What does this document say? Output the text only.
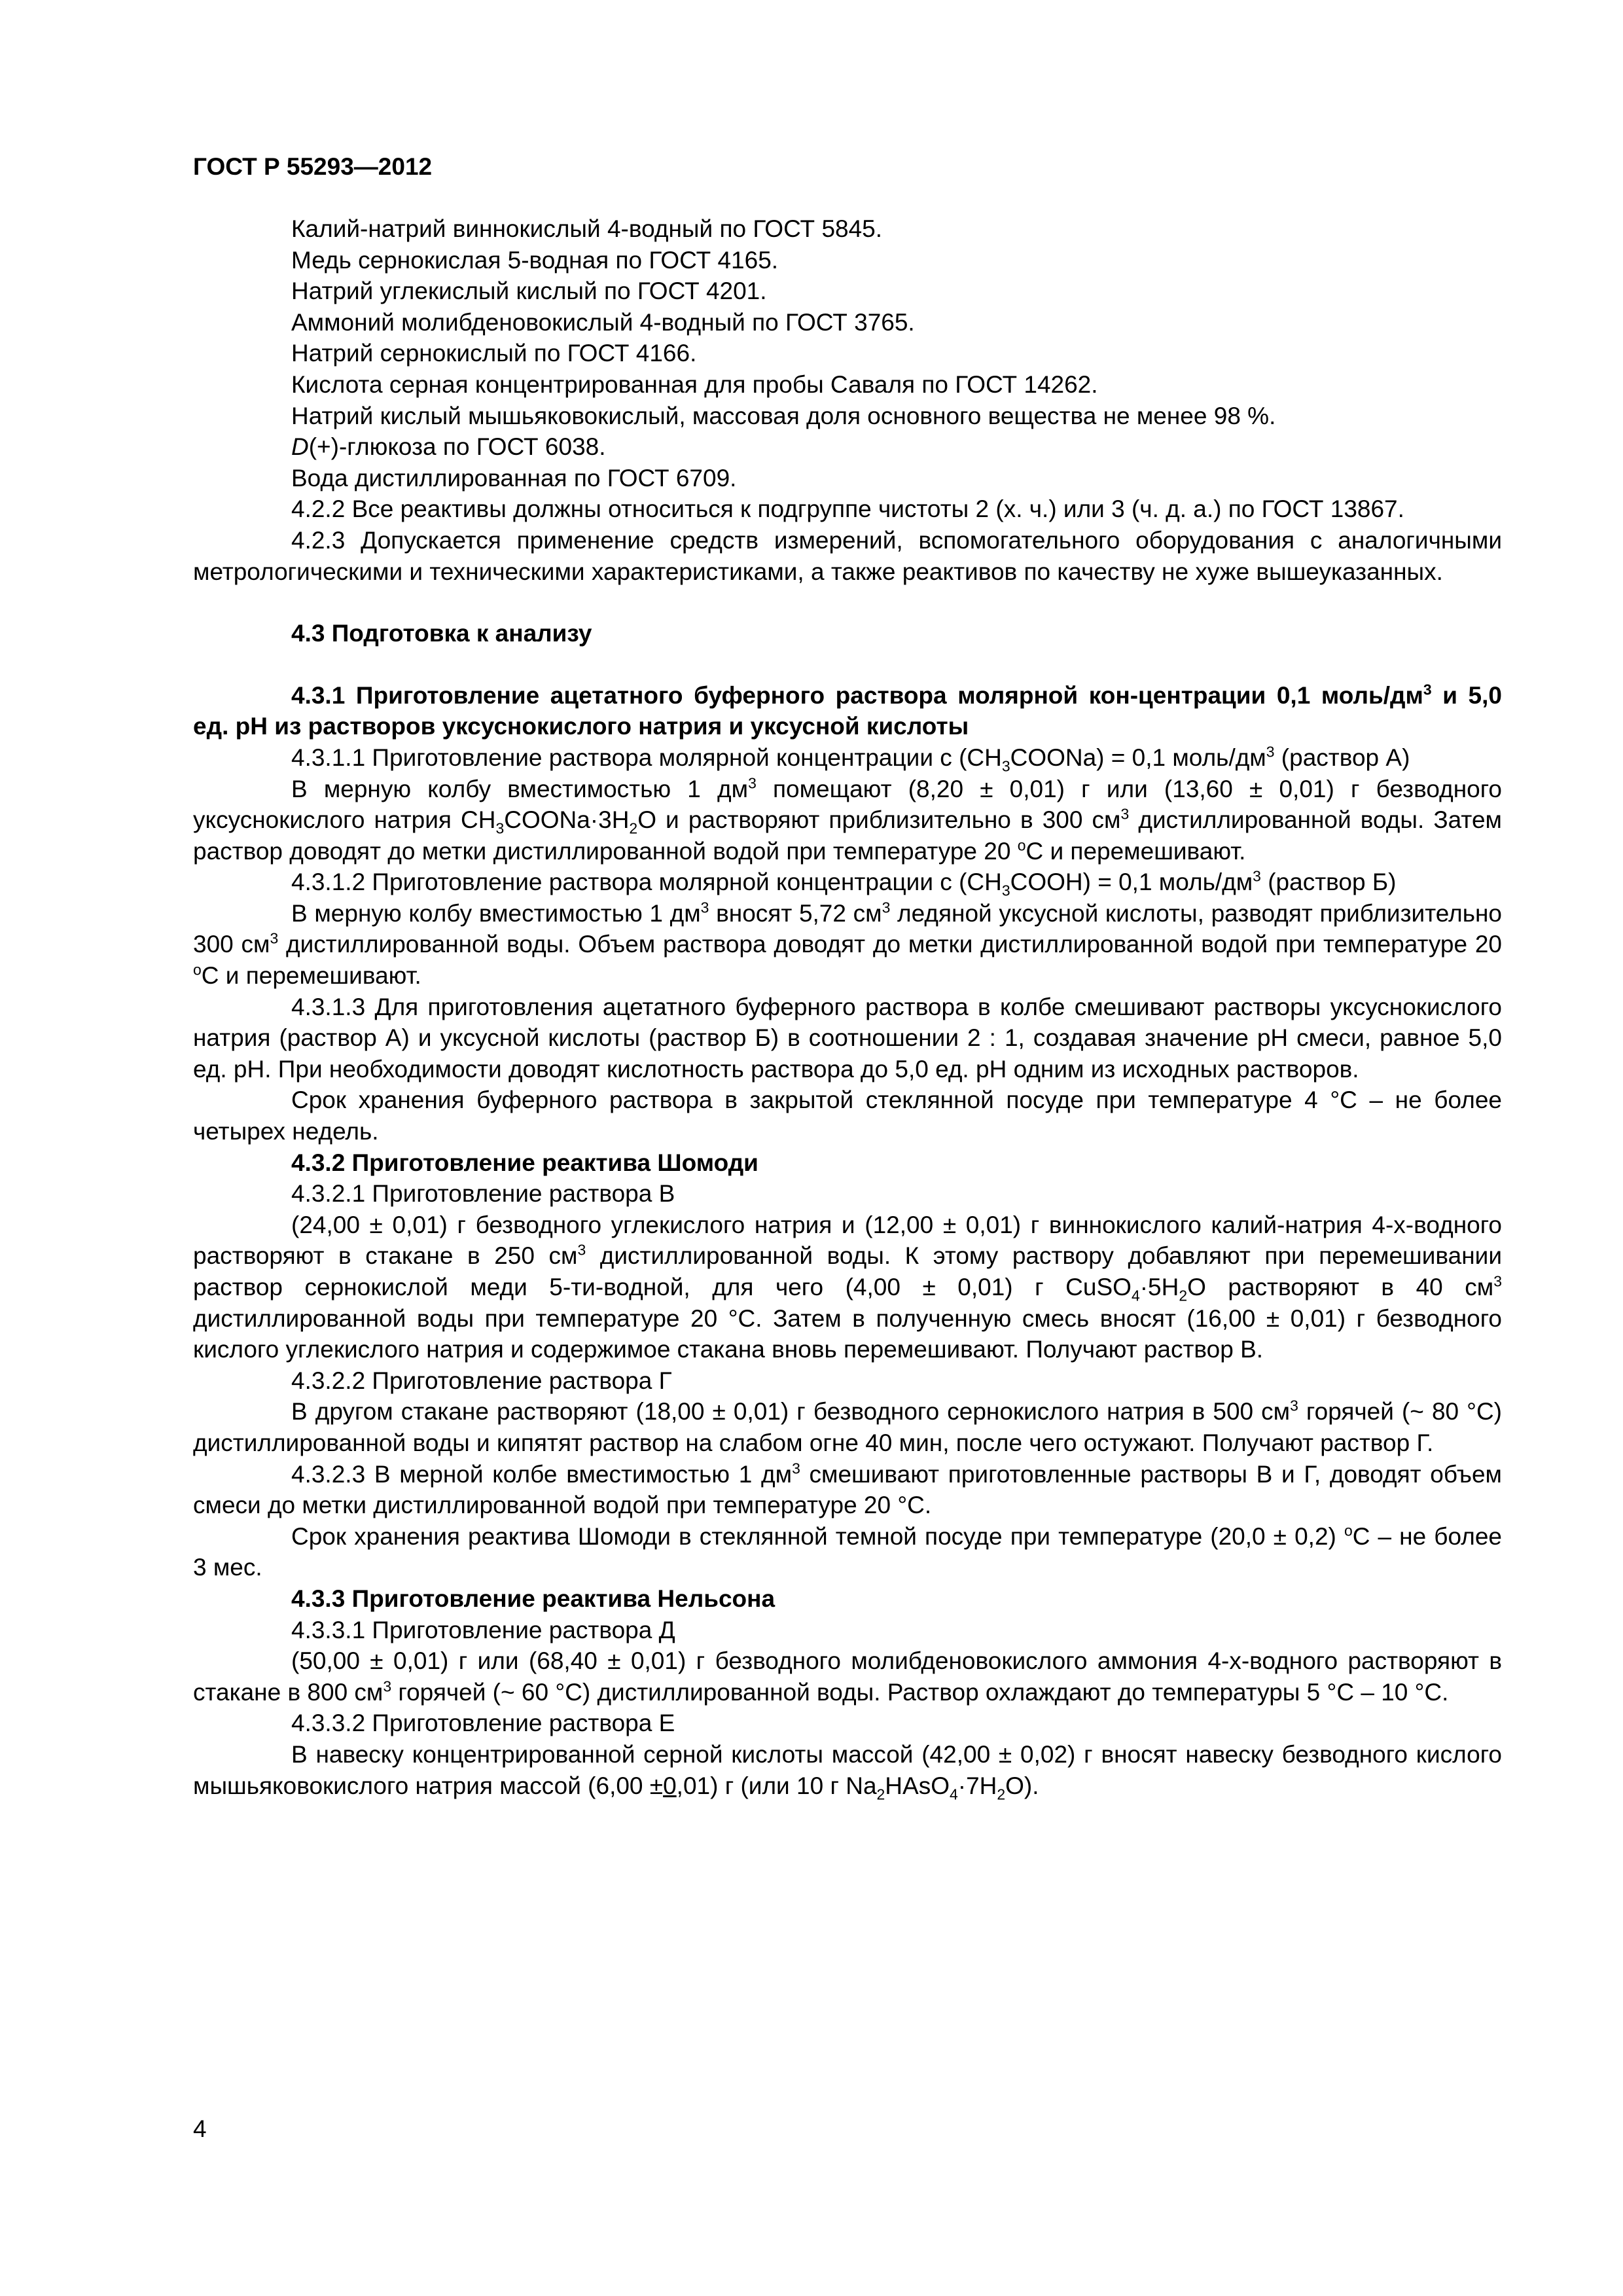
ГОСТ Р 55293—2012

Калий-натрий виннокислый 4-водный по ГОСТ 5845.

Медь сернокислая 5-водная по ГОСТ 4165.

Натрий углекислый кислый по ГОСТ 4201.

Аммоний молибденовокислый 4-водный по ГОСТ 3765.

Натрий сернокислый по ГОСТ 4166.

Кислота серная концентрированная для пробы Саваля по ГОСТ 14262.

Натрий кислый мышьяковокислый, массовая доля основного вещества не менее 98 %.

D(+)-глюкоза по ГОСТ 6038.

Вода дистиллированная по ГОСТ 6709.

4.2.2 Все реактивы должны относиться к подгруппе чистоты 2 (х. ч.) или 3 (ч. д. а.) по ГОСТ 13867.

4.2.3 Допускается применение средств измерений, вспомогательного оборудования с аналогичными метрологическими и техническими характеристиками, а также реактивов по качеству не хуже вышеуказанных.

4.3 Подготовка к анализу

4.3.1 Приготовление ацетатного буферного раствора молярной кон-центрации 0,1 моль/$дм^3$ и 5,0 ед. рН из растворов уксуснокислого натрия и уксусной кислоты

4.3.1.1 Приготовление раствора молярной концентрации с $(CH_3COONa) = 0,1$ моль/$дм^3$ (раствор А)

В мерную колбу вместимостью 1 $дм^3$ помещают (8,20 ± 0,01) г или (13,60 ± 0,01) г безводного уксуснокислого натрия $CH_3COONa\cdot 3H_2O$ и растворяют приблизительно в 300 $см^3$ дистиллированной воды. Затем раствор доводят до метки дистиллированной водой при температуре 20 $^о$С и перемешивают.

4.3.1.2 Приготовление раствора молярной концентрации с $(CH_3COOH) = 0,1$ моль/$дм^3$ (раствор Б)

В мерную колбу вместимостью 1 $дм^3$ вносят 5,72 $см^3$ ледяной уксусной кислоты, разводят приблизительно 300 $см^3$ дистиллированной воды. Объем раствора доводят до метки дистиллированной водой при температуре 20 $^о$С и перемешивают.

4.3.1.3 Для приготовления ацетатного буферного раствора в колбе смешивают растворы уксуснокислого натрия (раствор А) и уксусной кислоты (раствор Б) в соотношении 2 : 1, создавая значение рН смеси, равное 5,0 ед. рН. При необходимости доводят кислотность раствора до 5,0 ед. рН одним из исходных растворов.

Срок хранения буферного раствора в закрытой стеклянной посуде при температуре 4 °С – не более четырех недель.

4.3.2 Приготовление реактива Шомоди

4.3.2.1 Приготовление раствора В

(24,00 ± 0,01) г безводного углекислого натрия и (12,00 ± 0,01) г виннокислого калий-натрия 4-х-водного растворяют в стакане в 250 $см^3$ дистиллированной воды. К этому раствору добавляют при перемешивании раствор сернокислой меди 5-ти-водной, для чего (4,00 ± 0,01) г $CuSO_4\cdot 5H_2O$ растворяют в 40 $см^3$ дистиллированной воды при температуре 20 °С. Затем в полученную смесь вносят (16,00 ± 0,01) г безводного кислого углекислого натрия и содержимое стакана вновь перемешивают. Получают раствор В.

4.3.2.2 Приготовление раствора Г

В другом стакане растворяют (18,00 ± 0,01) г безводного сернокислого натрия в 500 $см^3$ горячей (~ 80 °С) дистиллированной воды и кипятят раствор на слабом огне 40 мин, после чего остужают. Получают раствор Г.

4.3.2.3 В мерной колбе вместимостью 1 $дм^3$ смешивают приготовленные растворы В и Г, доводят объем смеси до метки дистиллированной водой при температуре 20 °С.

Срок хранения реактива Шомоди в стеклянной темной посуде при температуре (20,0 ± 0,2) $^о$С – не более 3 мес.

4.3.3 Приготовление реактива Нельсона

4.3.3.1 Приготовление раствора Д

(50,00 ± 0,01) г или (68,40 ± 0,01) г безводного молибденовокислого аммония 4-х-водного растворяют в стакане в 800 $см^3$ горячей (~ 60 °С) дистиллированной воды. Раствор охлаждают до температуры 5 °С – 10 °С.

4.3.3.2 Приготовление раствора Е

В навеску концентрированной серной кислоты массой (42,00 ± 0,02) г вносят навеску безводного кислого мышьяковокислого натрия массой (6,00 ±0,01) г (или 10 г $Na_2HAsO_4\cdot 7H_2O$).

4
